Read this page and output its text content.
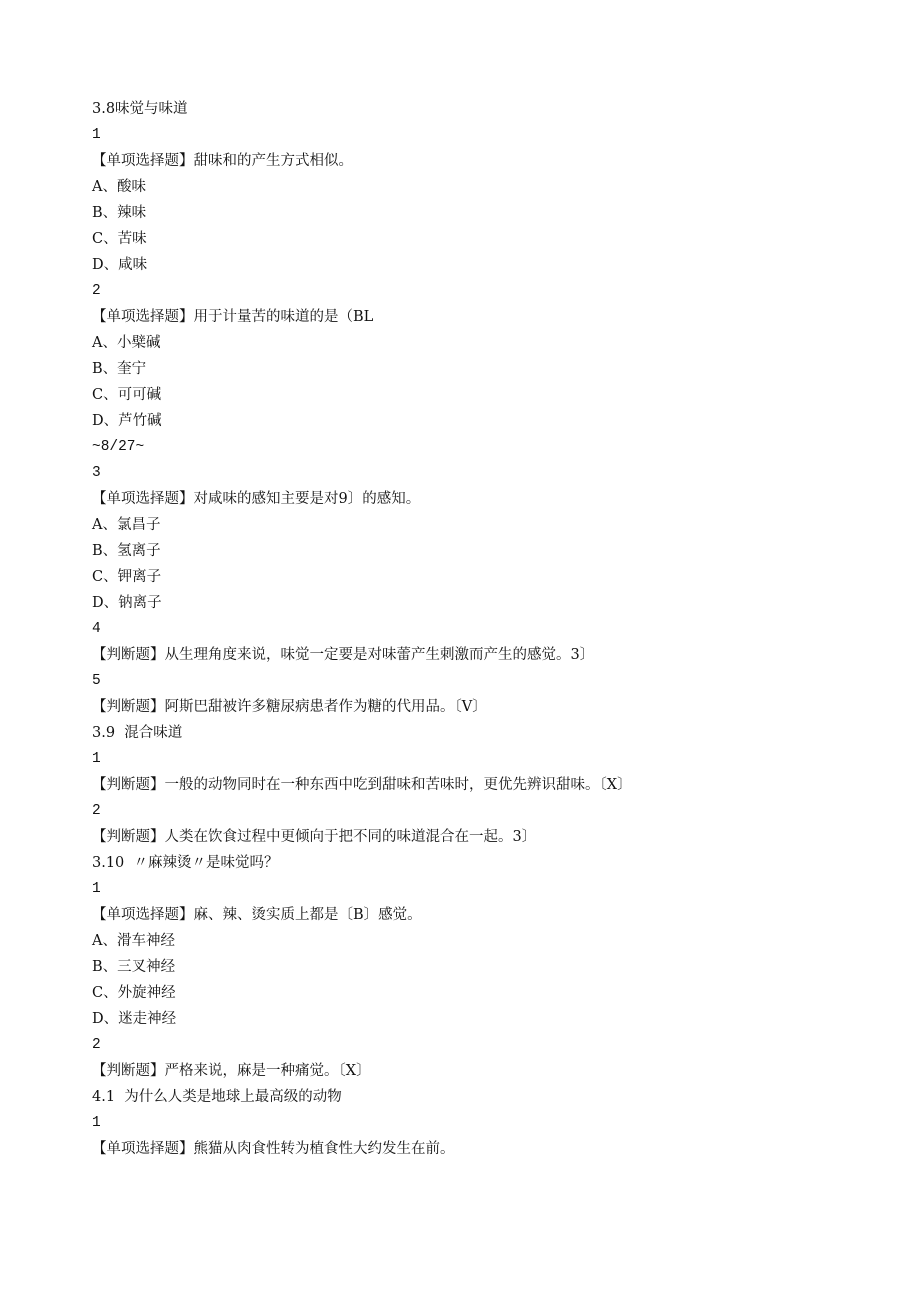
3.8味觉与味道
1
【单项选择题】甜味和的产生方式相似。
A、酸味
B、辣味
C、苦味
D、咸味
2
【单项选择题】用于计量苦的味道的是（BL
A、小檗碱
B、奎宁
C、可可碱
D、芦竹碱
~8/27~
3
【单项选择题】对咸味的感知主要是对9〕的感知。
A、氯昌子
B、氢离子
C、钾离子
D、钠离子
4
【判断题】从生理角度来说，味觉一定要是对味蕾产生刺激而产生的感觉。3〕
5
【判断题】阿斯巴甜被许多糖尿病患者作为糖的代用品。〔V〕
3.9  混合味道
1
【判断题】一般的动物同时在一种东西中吃到甜味和苦味时，更优先辨识甜味。〔X〕
2
【判断题】人类在饮食过程中更倾向于把不同的味道混合在一起。3〕
3.10  〃麻辣烫〃是味觉吗？
1
【单项选择题】麻、辣、烫实质上都是〔B〕感觉。
A、滑车神经
B、三叉神经
C、外旋神经
D、迷走神经
2
【判断题】严格来说，麻是一种痛觉。〔X〕
4.1  为什么人类是地球上最高级的动物
1
【单项选择题】熊猫从肉食性转为植食性大约发生在前。
